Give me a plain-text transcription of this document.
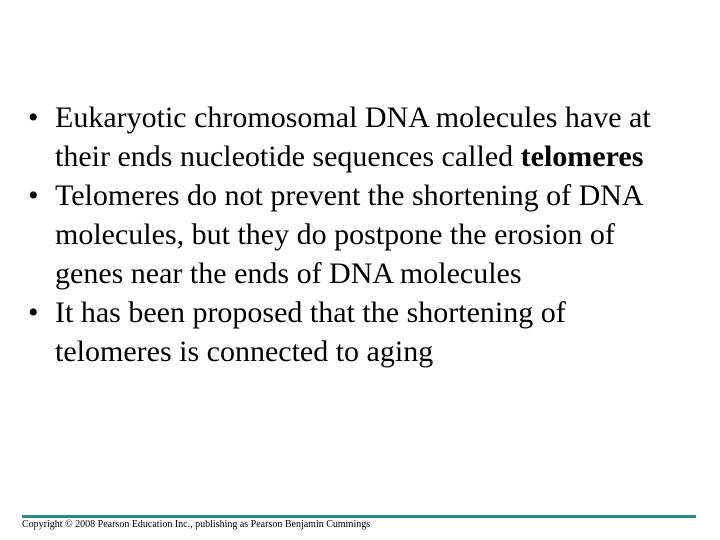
• Eukaryotic chromosomal DNA molecules have at their ends nucleotide sequences called telomeres
• Telomeres do not prevent the shortening of DNA molecules, but they do postpone the erosion of genes near the ends of DNA molecules
• It has been proposed that the shortening of telomeres is connected to aging
Copyright © 2008 Pearson Education Inc., publishing as Pearson Benjamin Cummings
